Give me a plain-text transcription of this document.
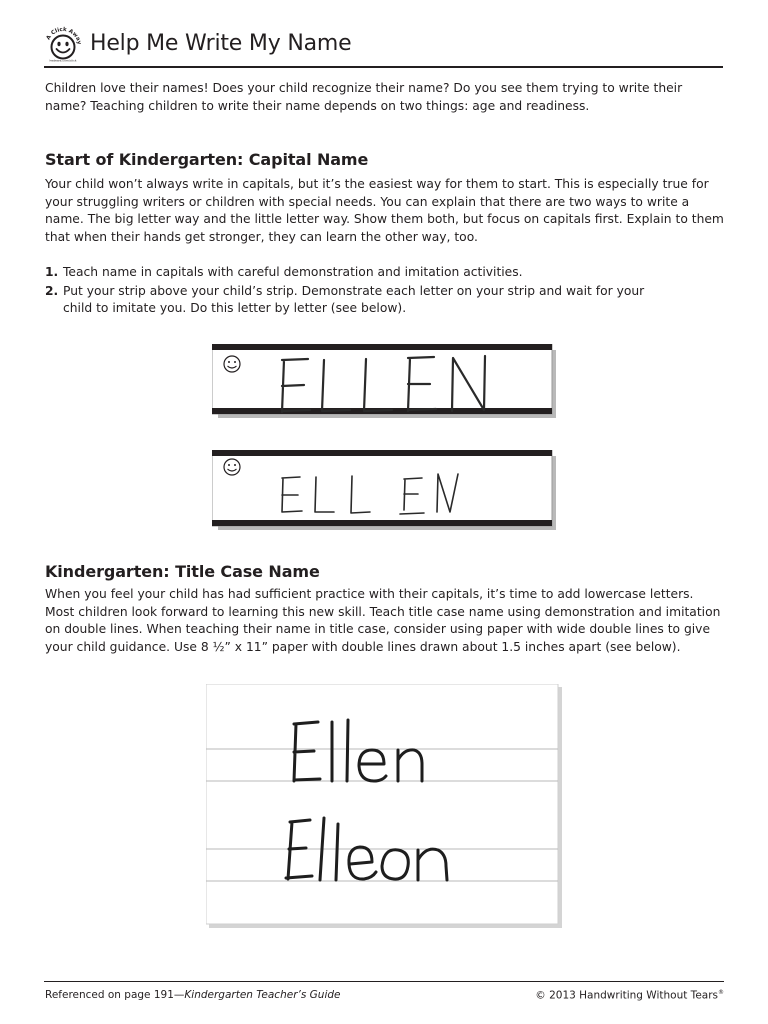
A Click Away
hwtears.com/click
Help Me Write My Name
Children love their names! Does your child recognize their name? Do you see them trying to write their name? Teaching children to write their name depends on two things: age and readiness.
Start of Kindergarten: Capital Name
Your child won’t always write in capitals, but it’s the easiest way for them to start. This is especially true for your struggling writers or children with special needs. You can explain that there are two ways to write a name. The big letter way and the little letter way. Show them both, but focus on capitals first. Explain to them that when their hands get stronger, they can learn the other way, too.
1. Teach name in capitals with careful demonstration and imitation activities.
2. Put your strip above your child’s strip. Demonstrate each letter on your strip and wait for your child to imitate you. Do this letter by letter (see below).
Kindergarten: Title Case Name
When you feel your child has had sufficient practice with their capitals, it’s time to add lowercase letters. Most children look forward to learning this new skill. Teach title case name using demonstration and imitation on double lines. When teaching their name in title case, consider using paper with wide double lines to give your child guidance. Use 8 ½” x 11” paper with double lines drawn about 1.5 inches apart (see below).
Referenced on page 191—Kindergarten Teacher’s Guide	© 2013 Handwriting Without Tears®
